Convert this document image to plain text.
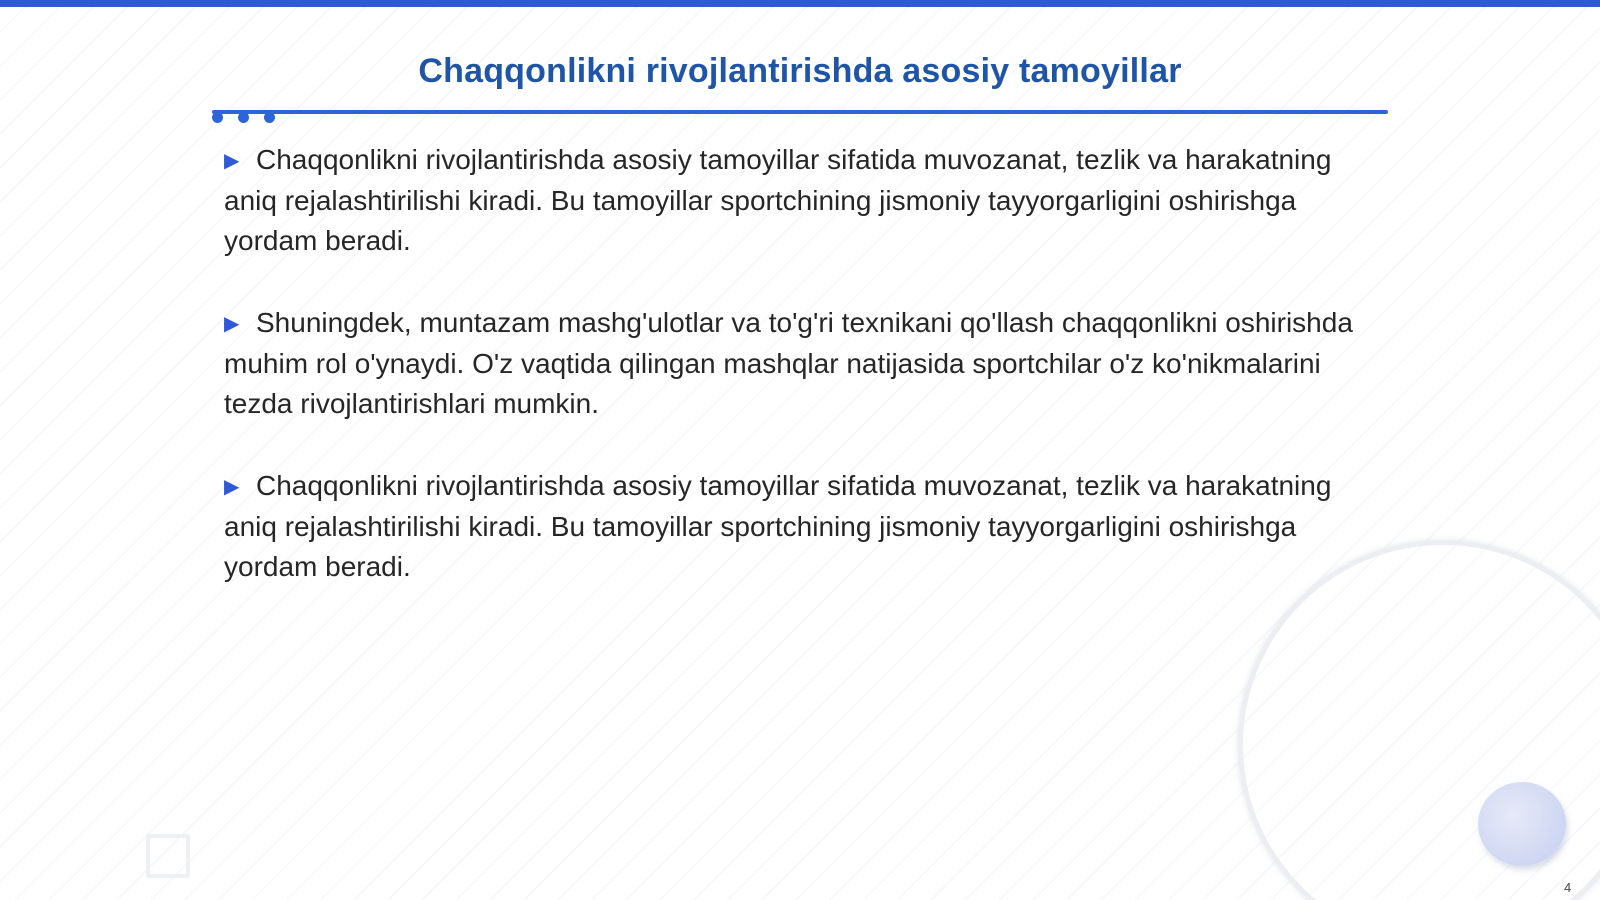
Chaqqonlikni rivojlantirishda asosiy tamoyillar

▶ Chaqqonlikni rivojlantirishda asosiy tamoyillar sifatida muvozanat, tezlik va harakatning aniq rejalashtirilishi kiradi. Bu tamoyillar sportchining jismoniy tayyorgarligini oshirishga yordam beradi.

▶ Shuningdek, muntazam mashg'ulotlar va to'g'ri texnikani qo'llash chaqqonlikni oshirishda muhim rol o'ynaydi. O'z vaqtida qilingan mashqlar natijasida sportchilar o'z ko'nikmalarini tezda rivojlantirishlari mumkin.

▶ Chaqqonlikni rivojlantirishda asosiy tamoyillar sifatida muvozanat, tezlik va harakatning aniq rejalashtirilishi kiradi. Bu tamoyillar sportchining jismoniy tayyorgarligini oshirishga yordam beradi.

4
